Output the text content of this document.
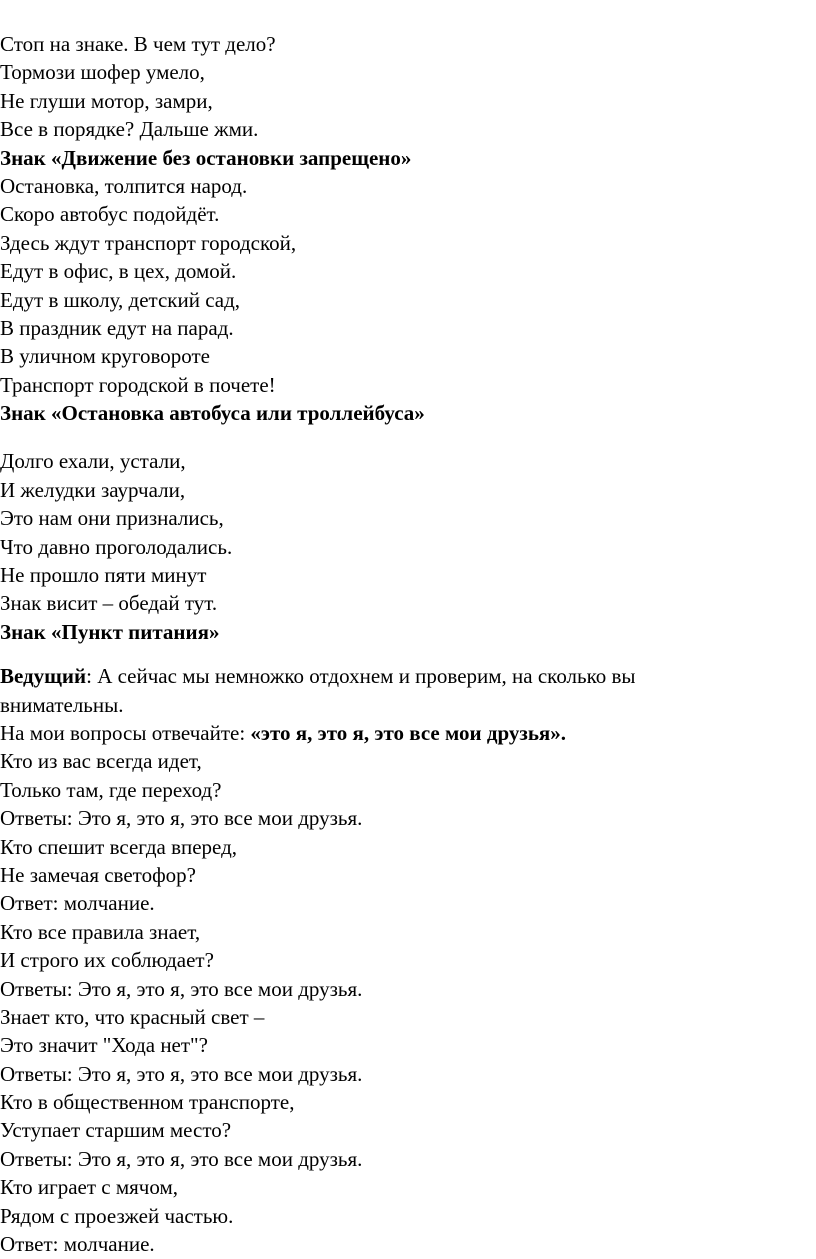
Стоп на знаке. В чем тут дело?
Тормози шофер умело,
Не глуши мотор, замри,
Все в порядке? Дальше жми.
Знак «Движение без остановки запрещено»
Остановка, толпится народ.
Скоро автобус подойдёт.
Здесь ждут транспорт городской,
Едут в офис, в цех, домой.
Едут в школу, детский сад,
В праздник едут на парад.
В уличном круговороте
Транспорт городской в почете!
Знак «Остановка автобуса или троллейбуса»
Долго ехали, устали,
И желудки заурчали,
Это нам они признались,
Что давно проголодались.
Не прошло пяти минут
Знак висит – обедай тут.
Знак «Пункт питания»
Ведущий: А сейчас мы немножко отдохнем и проверим, на сколько вы
внимательны.
На мои вопросы отвечайте: «это я, это я, это все мои друзья».
Кто из вас всегда идет,
Только там, где переход?
Ответы: Это я, это я, это все мои друзья.
Кто спешит всегда вперед,
Не замечая светофор?
Ответ: молчание.
Кто все правила знает,
И строго их соблюдает?
Ответы: Это я, это я, это все мои друзья.
Знает кто, что красный свет –
Это значит "Хода нет"?
Ответы: Это я, это я, это все мои друзья.
Кто в общественном транспорте,
Уступает старшим место?
Ответы: Это я, это я, это все мои друзья.
Кто играет с мячом,
Рядом с проезжей частью.
Ответ: молчание.
